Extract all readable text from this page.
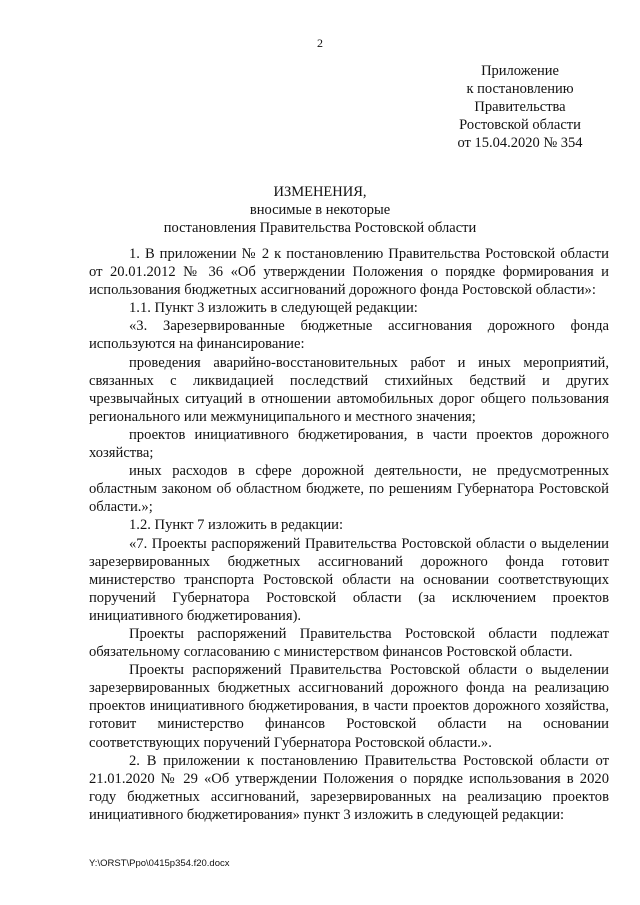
2
Приложение
к постановлению
Правительства
Ростовской области
от 15.04.2020 № 354
ИЗМЕНЕНИЯ,
вносимые в некоторые
постановления Правительства Ростовской области

1. В приложении № 2 к постановлению Правительства Ростовской области от 20.01.2012 № 36 «Об утверждении Положения о порядке формирования и использования бюджетных ассигнований дорожного фонда Ростовской области»:

1.1. Пункт 3 изложить в следующей редакции:

«3. Зарезервированные бюджетные ассигнования дорожного фонда используются на финансирование:

проведения аварийно-восстановительных работ и иных мероприятий, связанных с ликвидацией последствий стихийных бедствий и других чрезвычайных ситуаций в отношении автомобильных дорог общего пользования регионального или межмуниципального и местного значения;

проектов инициативного бюджетирования, в части проектов дорожного хозяйства;

иных расходов в сфере дорожной деятельности, не предусмотренных областным законом об областном бюджете, по решениям Губернатора Ростовской области.»;

1.2. Пункт 7 изложить в редакции:

«7. Проекты распоряжений Правительства Ростовской области о выделении зарезервированных бюджетных ассигнований дорожного фонда готовит министерство транспорта Ростовской области на основании соответствующих поручений Губернатора Ростовской области (за исключением проектов инициативного бюджетирования).

Проекты распоряжений Правительства Ростовской области подлежат обязательному согласованию с министерством финансов Ростовской области.

Проекты распоряжений Правительства Ростовской области о выделении зарезервированных бюджетных ассигнований дорожного фонда на реализацию проектов инициативного бюджетирования, в части проектов дорожного хозяйства, готовит министерство финансов Ростовской области на основании соответствующих поручений Губернатора Ростовской области.».

2. В приложении к постановлению Правительства Ростовской области от 21.01.2020 № 29 «Об утверждении Положения о порядке использования в 2020 году бюджетных ассигнований, зарезервированных на реализацию проектов инициативного бюджетирования» пункт 3 изложить в следующей редакции:

Y:\ORST\Ppo\0415p354.f20.docx
